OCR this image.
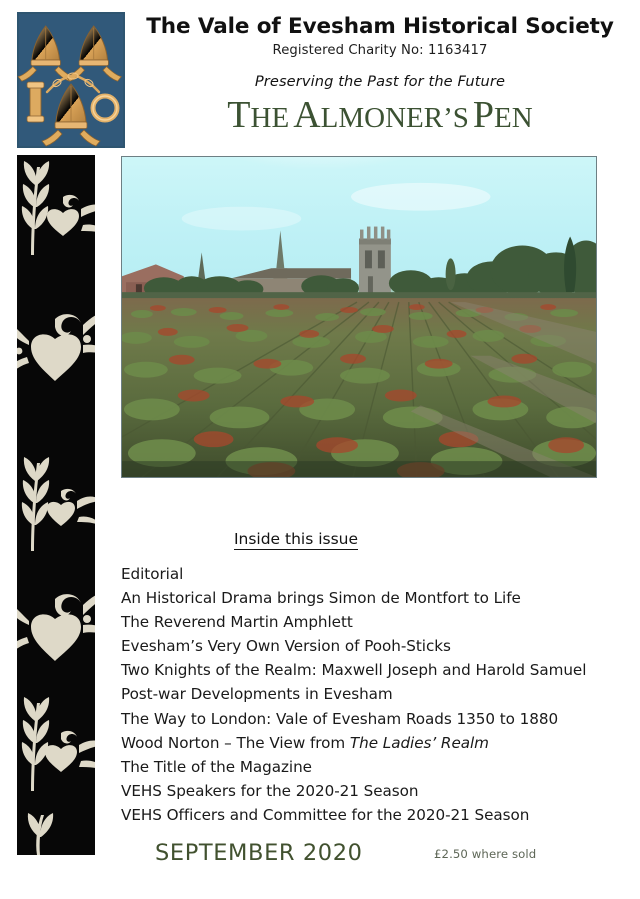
The Vale of Evesham Historical Society
Registered Charity No: 1163417
Preserving the Past for the Future
THE ALMONER’S PEN
Inside this issue
Editorial
An Historical Drama brings Simon de Montfort to Life
The Reverend Martin Amphlett
Evesham’s Very Own Version of Pooh-Sticks
Two Knights of the Realm: Maxwell Joseph and Harold Samuel
Post-war Developments in Evesham
The Way to London: Vale of Evesham Roads 1350 to 1880
Wood Norton – The View from The Ladies’ Realm
The Title of the Magazine
VEHS Speakers for the 2020-21 Season
VEHS Officers and Committee for the 2020-21 Season
SEPTEMBER 2020	£2.50 where sold
